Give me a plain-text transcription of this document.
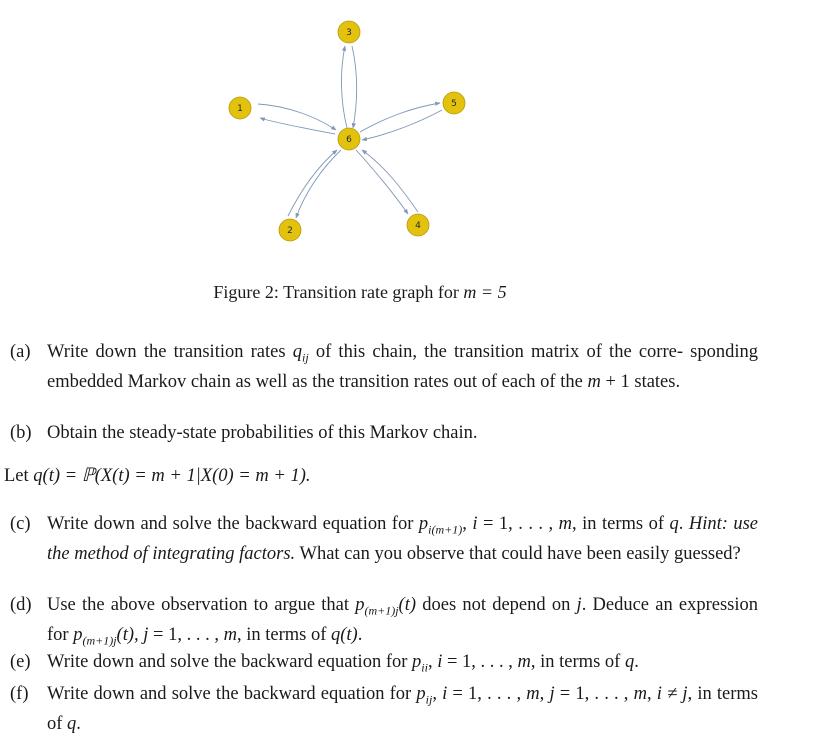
6
3
1	5
2	4
Figure 2: Transition rate graph for m = 5
(a) Write down the transition rates $q_{ij}$ of this chain, the transition matrix of the corre- sponding embedded Markov chain as well as the transition rates out of each of the m + 1 states.
(b) Obtain the steady-state probabilities of this Markov chain.
Let q(t) = ℙ(X(t) = m + 1|X(0) = m + 1).
(c) Write down and solve the backward equation for $p_{i(m+1)}$, i = 1, . . . , m, in terms of q. Hint: use the method of integrating factors. What can you observe that could have been easily guessed?
(d) Use the above observation to argue that $p_{(m+1)j}(t)$ does not depend on j. Deduce an expression for $p_{(m+1)j}(t)$, j = 1, . . . , m, in terms of q(t).
(e) Write down and solve the backward equation for $p_{ii}$, i = 1, . . . , m, in terms of q.
(f) Write down and solve the backward equation for $p_{ij}$, i = 1, . . . , m, j = 1, . . . , m, i ≠ j, in terms of q.
